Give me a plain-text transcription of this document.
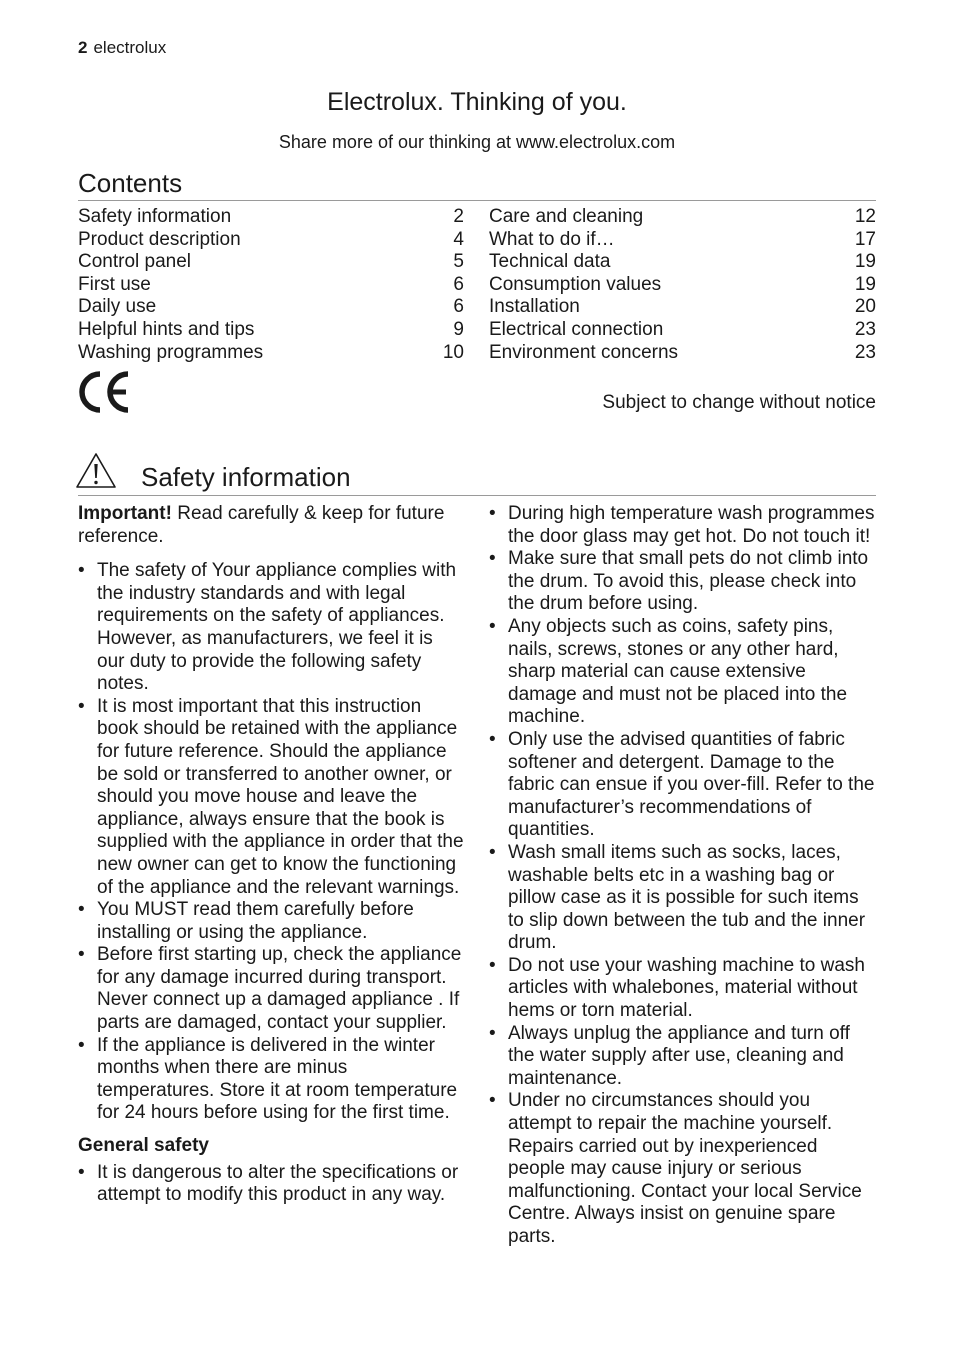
2 electrolux
Electrolux. Thinking of you.
Share more of our thinking at www.electrolux.com
Contents
Safety information	2
Product description	4
Control panel	5
First use	6
Daily use	6
Helpful hints and tips	9
Washing programmes	10
Care and cleaning	12
What to do if…	17
Technical data	19
Consumption values	19
Installation	20
Electrical connection	23
Environment concerns	23
Subject to change without notice
Safety information

Important! Read carefully & keep for future reference.

• The safety of Your appliance complies with the industry standards and with legal requirements on the safety of appliances. However, as manufacturers, we feel it is our duty to provide the following safety notes.
• It is most important that this instruction book should be retained with the appliance for future reference. Should the appliance be sold or transferred to another owner, or should you move house and leave the appliance, always ensure that the book is supplied with the appliance in order that the new owner can get to know the functioning of the appliance and the relevant warnings.
• You MUST read them carefully before installing or using the appliance.
• Before first starting up, check the appliance for any damage incurred during transport. Never connect up a damaged appliance . If parts are damaged, contact your supplier.
• If the appliance is delivered in the winter months when there are minus temperatures. Store it at room temperature for 24 hours before using for the first time.

General safety

• It is dangerous to alter the specifications or attempt to modify this product in any way.
• During high temperature wash programmes the door glass may get hot. Do not touch it!
• Make sure that small pets do not climb into the drum. To avoid this, please check into the drum before using.
• Any objects such as coins, safety pins, nails, screws, stones or any other hard, sharp material can cause extensive damage and must not be placed into the machine.
• Only use the advised quantities of fabric softener and detergent. Damage to the fabric can ensue if you over-fill. Refer to the manufacturer’s recommendations of quantities.
• Wash small items such as socks, laces, washable belts etc in a washing bag or pillow case as it is possible for such items to slip down between the tub and the inner drum.
• Do not use your washing machine to wash articles with whalebones, material without hems or torn material.
• Always unplug the appliance and turn off the water supply after use, cleaning and maintenance.
• Under no circumstances should you attempt to repair the machine yourself. Repairs carried out by inexperienced people may cause injury or serious malfunctioning. Contact your local Service Centre. Always insist on genuine spare parts.
